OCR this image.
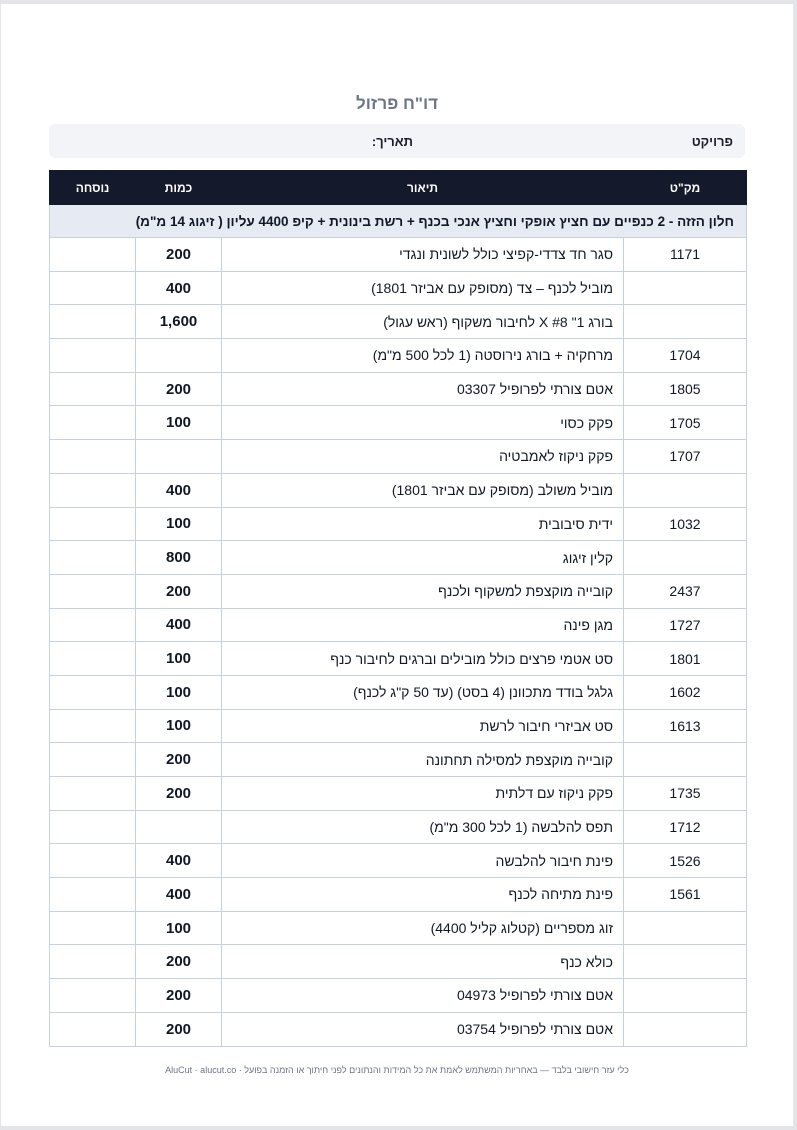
דו"ח פרזול
פרויקט
תאריך:
מק"ט	תיאור	כמות	נוסחה
חלון הזזה - 2 כנפיים עם חציץ אופקי וחציץ אנכי בכנף + רשת בינונית + קיפ 4400 עליון ( זיגוג 14 מ"מ)			
1171	סגר חד צדדי-קפיצי כולל לשונית ונגדי	200	
	מוביל לכנף – צד (מסופק עם אביזר 1801)	400	
	בורג 1" X #8 לחיבור משקוף (ראש עגול)	1,600	
1704	מרחקיה + בורג נירוסטה (1 לכל 500 מ"מ)		
1805	אטם צורתי לפרופיל 03307	200	
1705	פקק כסוי	100	
1707	פקק ניקוז לאמבטיה		
	מוביל משולב (מסופק עם אביזר 1801)	400	
1032	ידית סיבובית	100	
	קלין זיגוג	800	
2437	קובייה מוקצפת למשקוף ולכנף	200	
1727	מגן פינה	400	
1801	סט אטמי פרצים כולל מובילים וברגים לחיבור כנף	100	
1602	גלגל בודד מתכוונן (4 בסט) (עד 50 ק"ג לכנף)	100	
1613	סט אביזרי חיבור לרשת	100	
	קובייה מוקצפת למסילה תחתונה	200	
1735	פקק ניקוז עם דלתית	200	
1712	תפס להלבשה (1 לכל 300 מ"מ)		
1526	פינת חיבור להלבשה	400	
1561	פינת מתיחה לכנף	400	
	זוג מספריים (קטלוג קליל 4400)	100	
	כולא כנף	200	
	אטם צורתי לפרופיל 04973	200	
	אטם צורתי לפרופיל 03754	200	
כלי עזר חישובי בלבד — באחריות המשתמש לאמת את כל המידות והנתונים לפני חיתוך או הזמנה בפועל · AluCut · alucut.co
